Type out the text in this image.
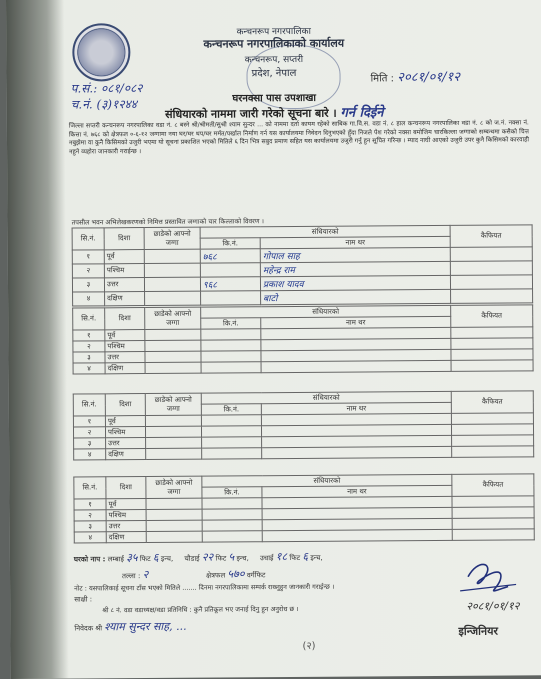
कन्चनरूप नगरपालिका
कन्चनरूप नगरपालिकाको कार्यालय
कन्चनरूप, सप्तरी
प्रदेश, नेपाल
प.सं.: ०८१/०८२
च.नं. (३)१२४४
मिति : २०८१/०१/१२
घरनक्सा पास उपशाखा
संधियारको नाममा जारी गरेको सूचना बारे । गर्न दिईने
जिल्ला सप्तरी कन्चनरूप नगरपालिका वडा नं. ८ बस्ने श्री/श्रीमती/सुश्री श्याम सुन्दर ... को नाममा दर्ता कायम रहेको साबिक गा.वि.स. वडा नं. ८ हाल कन्चनरूप नगरपालिका वडा नं. ८ को ज.नं. नक्सा नं. कित्ता नं. ७६८ को क्षेत्रफल ०-६-१२ जग्गामा नया घर/घर थप/घर मर्मत/पर्खाल निर्माण गर्न यस कार्यालयमा निवेदन दिनुभएको हुँदा निजले पेश गरेको नक्सा बमोजिम चारकिल्ला जग्गाको सम्बन्धमा कसैको चित्त नबुझेमा वा कुनै किसिमको उजुरी भएमा यो सूचना प्रकाशित भएको मितिले ६ दिन भित्र सबुद प्रमाण सहित यस कार्यालयमा उजुरी गर्नु हुन सूचित गरिन्छ । म्याद नाघी आएको उजुरी उपर कुनै किसिमको कारवाही नहुने व्यहोरा जानकारी गराईन्छ ।
तपसील भवन अभिलेखकरणको निमित्त प्रस्तावित जग्गाको चार किल्लाको विवरण ।
सि.नं.	दिशा	छाडेको आफ्नो जग्गा	संधियारको		कैफियत
			कि.नं.	नाम थर	
१	पूर्व		७६८	गोपाल साह	
२	पश्चिम			महेन्द्र राम	
३	उत्तर		९६८	प्रकाश यादव	
४	दक्षिण			बाटो	
सि.नं.	दिशा	छाडेको आफ्नो जग्गा	संधियारको		कैफियत
			कि.नं.	नाम थर	
१	पूर्व				
२	पश्चिम				
३	उत्तर				
४	दक्षिण				
सि.नं.	दिशा	छाडेको आफ्नो जग्गा	संधियारको		कैफियत
			कि.नं.	नाम थर	
१	पूर्व				
२	पश्चिम				
३	उत्तर				
४	दक्षिण				
सि.नं.	दिशा	छाडेको आफ्नो जग्गा	संधियारको		कैफियत
			कि.नं.	नाम थर	
१	पूर्व				
२	पश्चिम				
३	उत्तर				
४	दक्षिण				
घरको नाप : लम्बाई ३५ फिट ६ इन्च, चौडाई २२ फिट ५ इन्च, उचाई १८ फिट ६ इन्च,
तल्ला : २	क्षेत्रफल ५७० वर्गफिट
नोट : यसपालिकाई सूचना टाँस भएको मितिले ....... दिनमा नगरपालिकामा सम्पर्क राख्नुहुन जानकारी गराईन्छ ।
साक्षी :
श्री ८ नं. वडा वडाध्यक्ष/वडा प्रतिनिधि : कुनै प्रतिकूल भए जनाई दिनु हुन अनुरोध छ ।
निवेदक श्री श्याम सुन्दर साह, ...
२०८१/०१/१२
इन्जिनियर
(२)
